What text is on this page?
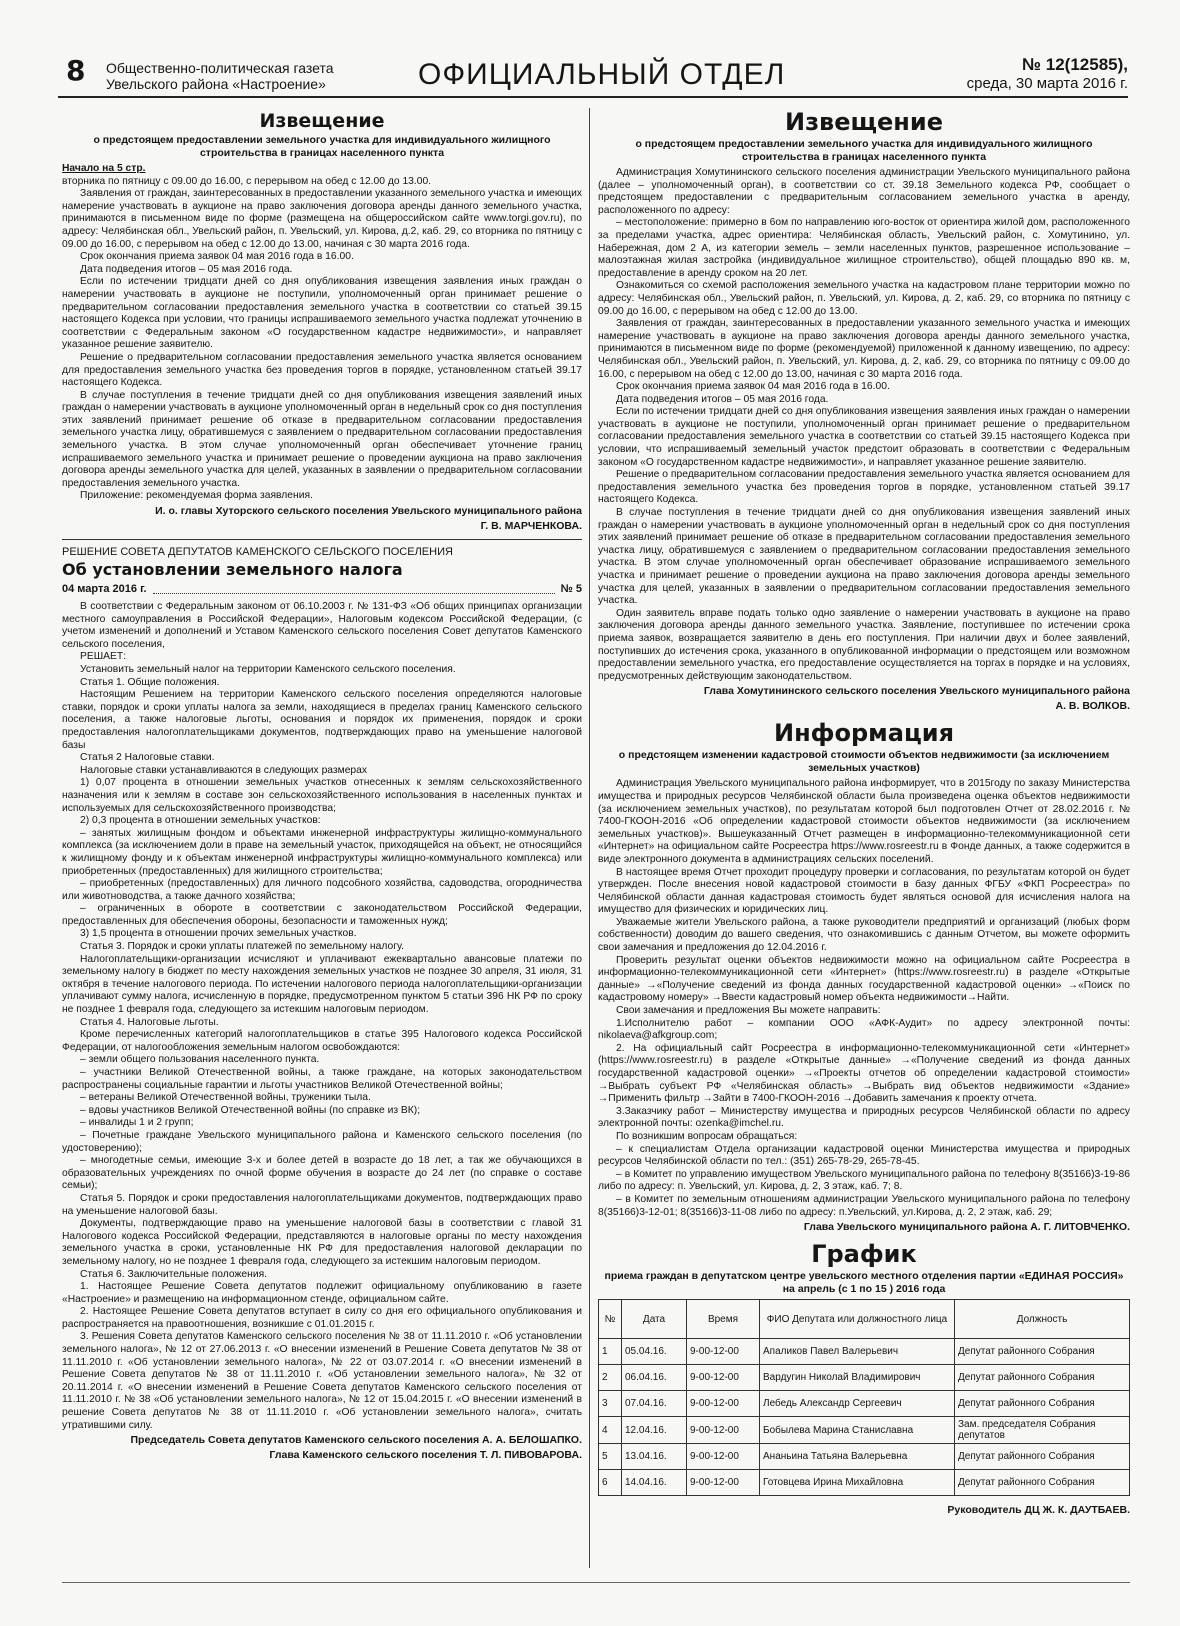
8 Общественно-политическая газета
Увельского района «Настроение»	ОФИЦИАЛЬНЫЙ ОТДЕЛ	№ 12(12585),
среда, 30 марта 2016 г.
Извещение
о предстоящем предоставлении земельного участка для индивидуального жилищного строительства в границах населенного пункта

Начало на 5 стр.

вторника по пятницу с 09.00 до 16.00, с перерывом на обед с 12.00 до 13.00.

Заявления от граждан, заинтересованных в предоставлении указанного земельного участка и имеющих намерение участвовать в аукционе на право заключения договора аренды данного земельного участка, принимаются в письменном виде по форме (размещена на общероссийском сайте www.torgi.gov.ru), по адресу: Челябинская обл., Увельский район, п. Увельский, ул. Кирова, д.2, каб. 29, со вторника по пятницу с 09.00 до 16.00, с перерывом на обед с 12.00 до 13.00, начиная с 30 марта 2016 года.

Срок окончания приема заявок 04 мая 2016 года в 16.00.

Дата подведения итогов – 05 мая 2016 года.

Если по истечении тридцати дней со дня опубликования извещения заявления иных граждан о намерении участвовать в аукционе не поступили, уполномоченный орган принимает решение о предварительном согласовании предоставления земельного участка в соответствии со статьей 39.15 настоящего Кодекса при условии, что границы испрашиваемого земельного участка подлежат уточнению в соответствии с Федеральным законом «О государственном кадастре недвижимости», и направляет указанное решение заявителю.

Решение о предварительном согласовании предоставления земельного участка является основанием для предоставления земельного участка без проведения торгов в порядке, установленном статьей 39.17 настоящего Кодекса.

В случае поступления в течение тридцати дней со дня опубликования извещения заявлений иных граждан о намерении участвовать в аукционе уполномоченный орган в недельный срок со дня поступления этих заявлений принимает решение об отказе в предварительном согласовании предоставления земельного участка лицу, обратившемуся с заявлением о предварительном согласовании предоставления земельного участка. В этом случае уполномоченный орган обеспечивает уточнение границ испрашиваемого земельного участка и принимает решение о проведении аукциона на право заключения договора аренды земельного участка для целей, указанных в заявлении о предварительном согласовании предоставления земельного участка.

Приложение: рекомендуемая форма заявления.

И. о. главы Хуторского сельского поселения Увельского муниципального района

Г. В. МАРЧЕНКОВА.

РЕШЕНИЕ СОВЕТА ДЕПУТАТОВ КАМЕНСКОГО СЕЛЬСКОГО ПОСЕЛЕНИЯ
Об установлении земельного налога
04 марта 2016 г.	№ 5

В соответствии с Федеральным законом от 06.10.2003 г. № 131-ФЗ «Об общих принципах организации местного самоуправления в Российской Федерации», Налоговым кодексом Российской Федерации, (с учетом изменений и дополнений и Уставом Каменского сельского поселения Совет депутатов Каменского сельского поселения,

РЕШАЕТ:

Установить земельный налог на территории Каменского сельского поселения.

Статья 1. Общие положения.

Настоящим Решением на территории Каменского сельского поселения определяются налоговые ставки, порядок и сроки уплаты налога за земли, находящиеся в пределах границ Каменского сельского поселения, а также налоговые льготы, основания и порядок их применения, порядок и сроки предоставления налогоплательщиками документов, подтверждающих право на уменьшение налоговой базы

Статья 2 Налоговые ставки.

Налоговые ставки устанавливаются в следующих размерах

1) 0,07 процента в отношении земельных участков отнесенных к землям сельскохозяйственного назначения или к землям в составе зон сельскохозяйственного использования в населенных пунктах и используемых для сельскохозяйственного производства;

2) 0,3 процента в отношении земельных участков:

– занятых жилищным фондом и объектами инженерной инфраструктуры жилищно-коммунального комплекса (за исключением доли в праве на земельный участок, приходящейся на объект, не относящийся к жилищному фонду и к объектам инженерной инфраструктуры жилищно-коммунального комплекса) или приобретенных (предоставленных) для жилищного строительства;

– приобретенных (предоставленных) для личного подсобного хозяйства, садоводства, огородничества или животноводства, а также дачного хозяйства;

– ограниченных в обороте в соответствии с законодательством Российской Федерации, предоставленных для обеспечения обороны, безопасности и таможенных нужд;

3) 1,5 процента в отношении прочих земельных участков.

Статья 3. Порядок и сроки уплаты платежей по земельному налогу.

Налогоплательщики-организации исчисляют и уплачивают ежеквартально авансовые платежи по земельному налогу в бюджет по месту нахождения земельных участков не позднее 30 апреля, 31 июля, 31 октября в течение налогового периода. По истечении налогового периода налогоплательщики-организации уплачивают сумму налога, исчисленную в порядке, предусмотренном пунктом 5 статьи 396 НК РФ по сроку не позднее 1 февраля года, следующего за истекшим налоговым периодом.

Статья 4. Налоговые льготы.

Кроме перечисленных категорий налогоплательщиков в статье 395 Налогового кодекса Российской Федерации, от налогообложения земельным налогом освобождаются:

– земли общего пользования населенного пункта.

– участники Великой Отечественной войны, а также граждане, на которых законодательством распространены социальные гарантии и льготы участников Великой Отечественной войны;

– ветераны Великой Отечественной войны, труженики тыла.

– вдовы участников Великой Отечественной войны (по справке из ВК);

– инвалиды 1 и 2 групп;

– Почетные граждане Увельского муниципального района и Каменского сельского поселения (по удостоверению);

– многодетные семьи, имеющие 3-х и более детей в возрасте до 18 лет, а так же обучающихся в образовательных учреждениях по очной форме обучения в возрасте до 24 лет (по справке о составе семьи);

Статья 5. Порядок и сроки предоставления налогоплательщиками документов, подтверждающих право на уменьшение налоговой базы.

Документы, подтверждающие право на уменьшение налоговой базы в соответствии с главой 31 Налогового кодекса Российской Федерации, представляются в налоговые органы по месту нахождения земельного участка в сроки, установленные НК РФ для предоставления налоговой декларации по земельному налогу, но не позднее 1 февраля года, следующего за истекшим налоговым периодом.

Статья 6. Заключительные положения.

1. Настоящее Решение Совета депутатов подлежит официальному опубликованию в газете «Настроение» и размещению на информационном стенде, официальном сайте.

2. Настоящее Решение Совета депутатов вступает в силу со дня его официального опубликования и распространяется на правоотношения, возникшие с 01.01.2015 г.

3. Решения Совета депутатов Каменского сельского поселения № 38 от 11.11.2010 г. «Об установлении земельного налога», № 12 от 27.06.2013 г. «О внесении изменений в Решение Совета депутатов № 38 от 11.11.2010 г. «Об установлении земельного налога», № 22 от 03.07.2014 г. «О внесении изменений в Решение Совета депутатов № 38 от 11.11.2010 г. «Об установлении земельного налога», № 32 от 20.11.2014 г. «О внесении изменений в Решение Совета депутатов Каменского сельского поселения от 11.11.2010 г. № 38 «Об установлении земельного налога», № 12 от 15.04.2015 г. «О внесении изменений в решение Совета депутатов № 38 от 11.11.2010 г. «Об установлении земельного налога», считать утратившими силу.

Председатель Совета депутатов Каменского сельского поселения А. А. БЕЛОШАПКО.

Глава Каменского сельского поселения Т. Л. ПИВОВАРОВА.

Извещение
о предстоящем предоставлении земельного участка для индивидуального жилищного строительства в границах населенного пункта

Администрация Хомутининского сельского поселения администрации Увельского муниципального района (далее – уполномоченный орган), в соответствии со ст. 39.18 Земельного кодекса РФ, сообщает о предстоящем предоставлении с предварительным согласованием земельного участка в аренду, расположенного по адресу:

– местоположение: примерно в 6ом по направлению юго-восток от ориентира жилой дом, расположенного за пределами участка, адрес ориентира: Челябинская область, Увельский район, с. Хомутинино, ул. Набережная, дом 2 А, из категории земель – земли населенных пунктов, разрешенное использование – малоэтажная жилая застройка (индивидуальное жилищное строительство), общей площадью 890 кв. м, предоставление в аренду сроком на 20 лет.

Ознакомиться со схемой расположения земельного участка на кадастровом плане территории можно по адресу: Челябинская обл., Увельский район, п. Увельский, ул. Кирова, д. 2, каб. 29, со вторника по пятницу с 09.00 до 16.00, с перерывом на обед с 12.00 до 13.00.

Заявления от граждан, заинтересованных в предоставлении указанного земельного участка и имеющих намерение участвовать в аукционе на право заключения договора аренды данного земельного участка, принимаются в письменном виде по форме (рекомендуемой) приложенной к данному извещению, по адресу: Челябинская обл., Увельский район, п. Увельский, ул. Кирова, д. 2, каб. 29, со вторника по пятницу с 09.00 до 16.00, с перерывом на обед с 12.00 до 13.00, начиная с 30 марта 2016 года.

Срок окончания приема заявок 04 мая 2016 года в 16.00.

Дата подведения итогов – 05 мая 2016 года.

Если по истечении тридцати дней со дня опубликования извещения заявления иных граждан о намерении участвовать в аукционе не поступили, уполномоченный орган принимает решение о предварительном согласовании предоставления земельного участка в соответствии со статьей 39.15 настоящего Кодекса при условии, что испрашиваемый земельный участок предстоит образовать в соответствии с Федеральным законом «О государственном кадастре недвижимости», и направляет указанное решение заявителю.

Решение о предварительном согласовании предоставления земельного участка является основанием для предоставления земельного участка без проведения торгов в порядке, установленном статьей 39.17 настоящего Кодекса.

В случае поступления в течение тридцати дней со дня опубликования извещения заявлений иных граждан о намерении участвовать в аукционе уполномоченный орган в недельный срок со дня поступления этих заявлений принимает решение об отказе в предварительном согласовании предоставления земельного участка лицу, обратившемуся с заявлением о предварительном согласовании предоставления земельного участка. В этом случае уполномоченный орган обеспечивает образование испрашиваемого земельного участка и принимает решение о проведении аукциона на право заключения договора аренды земельного участка для целей, указанных в заявлении о предварительном согласовании предоставления земельного участка.

Один заявитель вправе подать только одно заявление о намерении участвовать в аукционе на право заключения договора аренды данного земельного участка. Заявление, поступившее по истечении срока приема заявок, возвращается заявителю в день его поступления. При наличии двух и более заявлений, поступивших до истечения срока, указанного в опубликованной информации о предстоящем или возможном предоставлении земельного участка, его предоставление осуществляется на торгах в порядке и на условиях, предусмотренных действующим законодательством.

Глава Хомутининского сельского поселения Увельского муниципального района

А. В. ВОЛКОВ.

Информация
о предстоящем изменении кадастровой стоимости объектов недвижимости (за исключением земельных участков)

Администрация Увельского муниципального района информирует, что в 2015году по заказу Министерства имущества и природных ресурсов Челябинской области была произведена оценка объектов недвижимости (за исключением земельных участков), по результатам которой был подготовлен Отчет от 28.02.2016 г. № 7400-ГКООН-2016 «Об определении кадастровой стоимости объектов недвижимости (за исключением земельных участков)». Вышеуказанный Отчет размещен в информационно-телекоммуникационной сети «Интернет» на официальном сайте Росреестра https://www.rosreestr.ru в Фонде данных, а также содержится в виде электронного документа в администрациях сельских поселений.

В настоящее время Отчет проходит процедуру проверки и согласования, по результатам которой он будет утвержден. После внесения новой кадастровой стоимости в базу данных ФГБУ «ФКП Росреестра» по Челябинской области данная кадастровая стоимость будет являться основой для исчисления налога на имущество для физических и юридических лиц.

Уважаемые жители Увельского района, а также руководители предприятий и организаций (любых форм собственности) доводим до вашего сведения, что ознакомившись с данным Отчетом, вы можете оформить свои замечания и предложения до 12.04.2016 г.

Проверить результат оценки объектов недвижимости можно на официальном сайте Росреестра в информационно-телекоммуникационной сети «Интернет» (https://www.rosreestr.ru) в разделе «Открытые данные» →«Получение сведений из фонда данных государственной кадастровой оценки» →«Поиск по кадастровому номеру» →Ввести кадастровый номер объекта недвижимости→Найти.

Свои замечания и предложения Вы можете направить:

1.Исполнителю работ – компании ООО «АФК-Аудит» по адресу электронной почты: nikolaeva@afkgroup.com;

2. На официальный сайт Росреестра в информационно-телекоммуникационной сети «Интернет» (https://www.rosreestr.ru) в разделе «Открытые данные» →«Получение сведений из фонда данных государственной кадастровой оценки» →«Проекты отчетов об определении кадастровой стоимости» →Выбрать субъект РФ «Челябинская область» →Выбрать вид объектов недвижимости «Здание» →Применить фильтр →Зайти в 7400-ГКООН-2016 →Добавить замечания к проекту отчета.

3.Заказчику работ – Министерству имущества и природных ресурсов Челябинской области по адресу электронной почты: ozenka@imchel.ru.

По возникшим вопросам обращаться:

– к специалистам Отдела организации кадастровой оценки Министерства имущества и природных ресурсов Челябинской области по тел.: (351) 265-78-29, 265-78-45.

– в Комитет по управлению имуществом Увельского муниципального района по телефону 8(35166)3-19-86 либо по адресу: п. Увельский, ул. Кирова, д. 2, 3 этаж, каб. 7; 8.

– в Комитет по земельным отношениям администрации Увельского муниципального района по телефону 8(35166)3-12-01; 8(35166)3-11-08 либо по адресу: п.Увельский, ул.Кирова, д. 2, 2 этаж, каб. 29;

Глава Увельского муниципального района А. Г. ЛИТОВЧЕНКО.

График
приема граждан в депутатском центре увельского местного отделения партии «ЕДИНАЯ РОССИЯ» на апрель (с 1 по 15 ) 2016 года
№	Дата	Время	ФИО Депутата или должностного лица	Должность
1	05.04.16.	9-00-12-00	Апаликов Павел Валерьевич	Депутат районного Собрания
2	06.04.16.	9-00-12-00	Вардугин Николай Владимирович	Депутат районного Собрания
3	07.04.16.	9-00-12-00	Лебедь Александр Сергеевич	Депутат районного Собрания
4	12.04.16.	9-00-12-00	Бобылева Марина Станиславна	Зам. председателя Собрания депутатов
5	13.04.16.	9-00-12-00	Ананьина Татьяна Валерьевна	Депутат районного Собрания
6	14.04.16.	9-00-12-00	Готовцева Ирина Михайловна	Депутат районного Собрания

Руководитель ДЦ Ж. К. ДАУТБАЕВ.
